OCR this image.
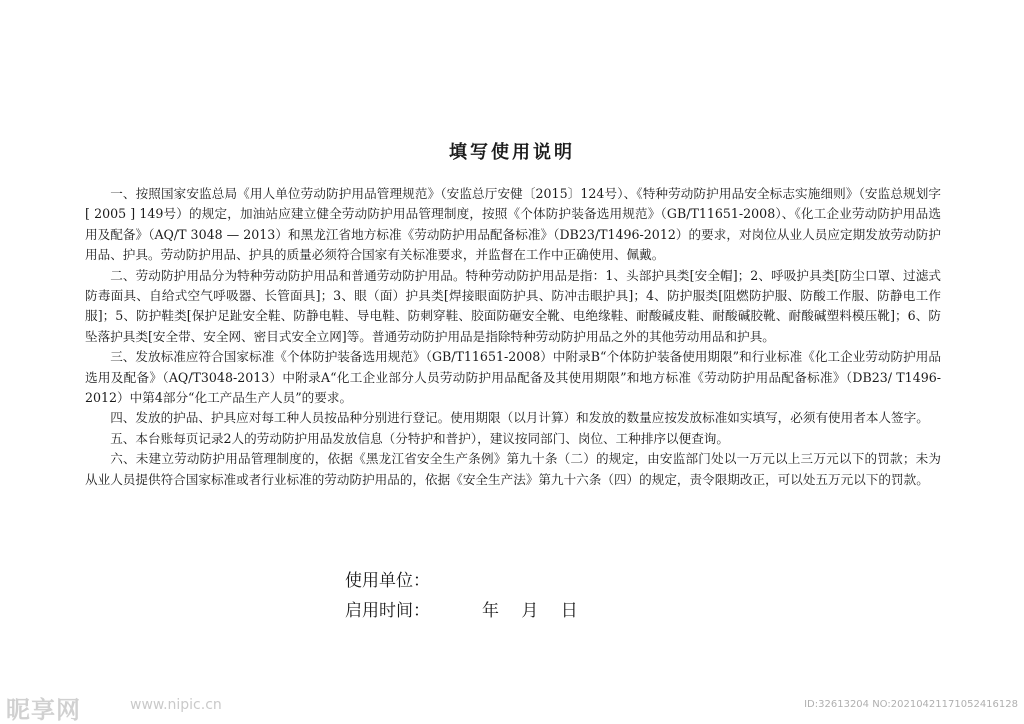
填写使用说明

一、按照国家安监总局《用人单位劳动防护用品管理规范》（安监总厅安健〔2015〕124号）、《特种劳动防护用品安全标志实施细则》（安监总规划字 [ 2005 ] 149号）的规定，加油站应建立健全劳动防护用品管理制度，按照《个体防护装备选用规范》（GB/T11651-2008）、《化工企业劳动防护用品选用及配备》（AQ/T 3048 — 2013）和黑龙江省地方标准《劳动防护用品配备标准》（DB23/T1496-2012）的要求，对岗位从业人员应定期发放劳动防护用品、护具。劳动防护用品、护具的质量必须符合国家有关标准要求，并监督在工作中正确使用、佩戴。

二、劳动防护用品分为特种劳动防护用品和普通劳动防护用品。特种劳动防护用品是指：1、头部护具类[安全帽]；2、呼吸护具类[防尘口罩、过滤式防毒面具、自给式空气呼吸器、长管面具]；3、眼（面）护具类[焊接眼面防护具、防冲击眼护具]；4、防护服类[阻燃防护服、防酸工作服、防静电工作服]；5、防护鞋类[保护足趾安全鞋、防静电鞋、导电鞋、防刺穿鞋、胶面防砸安全靴、电绝缘鞋、耐酸碱皮鞋、耐酸碱胶靴、耐酸碱塑料模压靴]；6、防坠落护具类[安全带、安全网、密目式安全立网]等。普通劳动防护用品是指除特种劳动防护用品之外的其他劳动用品和护具。

三、发放标准应符合国家标准《个体防护装备选用规范》（GB/T11651-2008）中附录B“个体防护装备使用期限”和行业标准《化工企业劳动防护用品选用及配备》（AQ/T3048-2013）中附录A“化工企业部分人员劳动防护用品配备及其使用期限”和地方标准《劳动防护用品配备标准》（DB23/ T1496-2012）中第4部分“化工产品生产人员”的要求。

四、发放的护品、护具应对每工种人员按品种分别进行登记。使用期限（以月计算）和发放的数量应按发放标准如实填写，必须有使用者本人签字。

五、本台账每页记录2人的劳动防护用品发放信息（分特护和普护），建议按同部门、岗位、工种排序以便查询。

六、未建立劳动防护用品管理制度的，依据《黑龙江省安全生产条例》第九十条（二）的规定，由安监部门处以一万元以上三万元以下的罚款；未为从业人员提供符合国家标准或者行业标准的劳动防护用品的，依据《安全生产法》第九十六条（四）的规定，责令限期改正，可以处五万元以下的罚款。

使用单位：
启用时间：	年　 月　 日
昵享网	www.nipic.cn	ID:32613204 NO:20210421171052416128
